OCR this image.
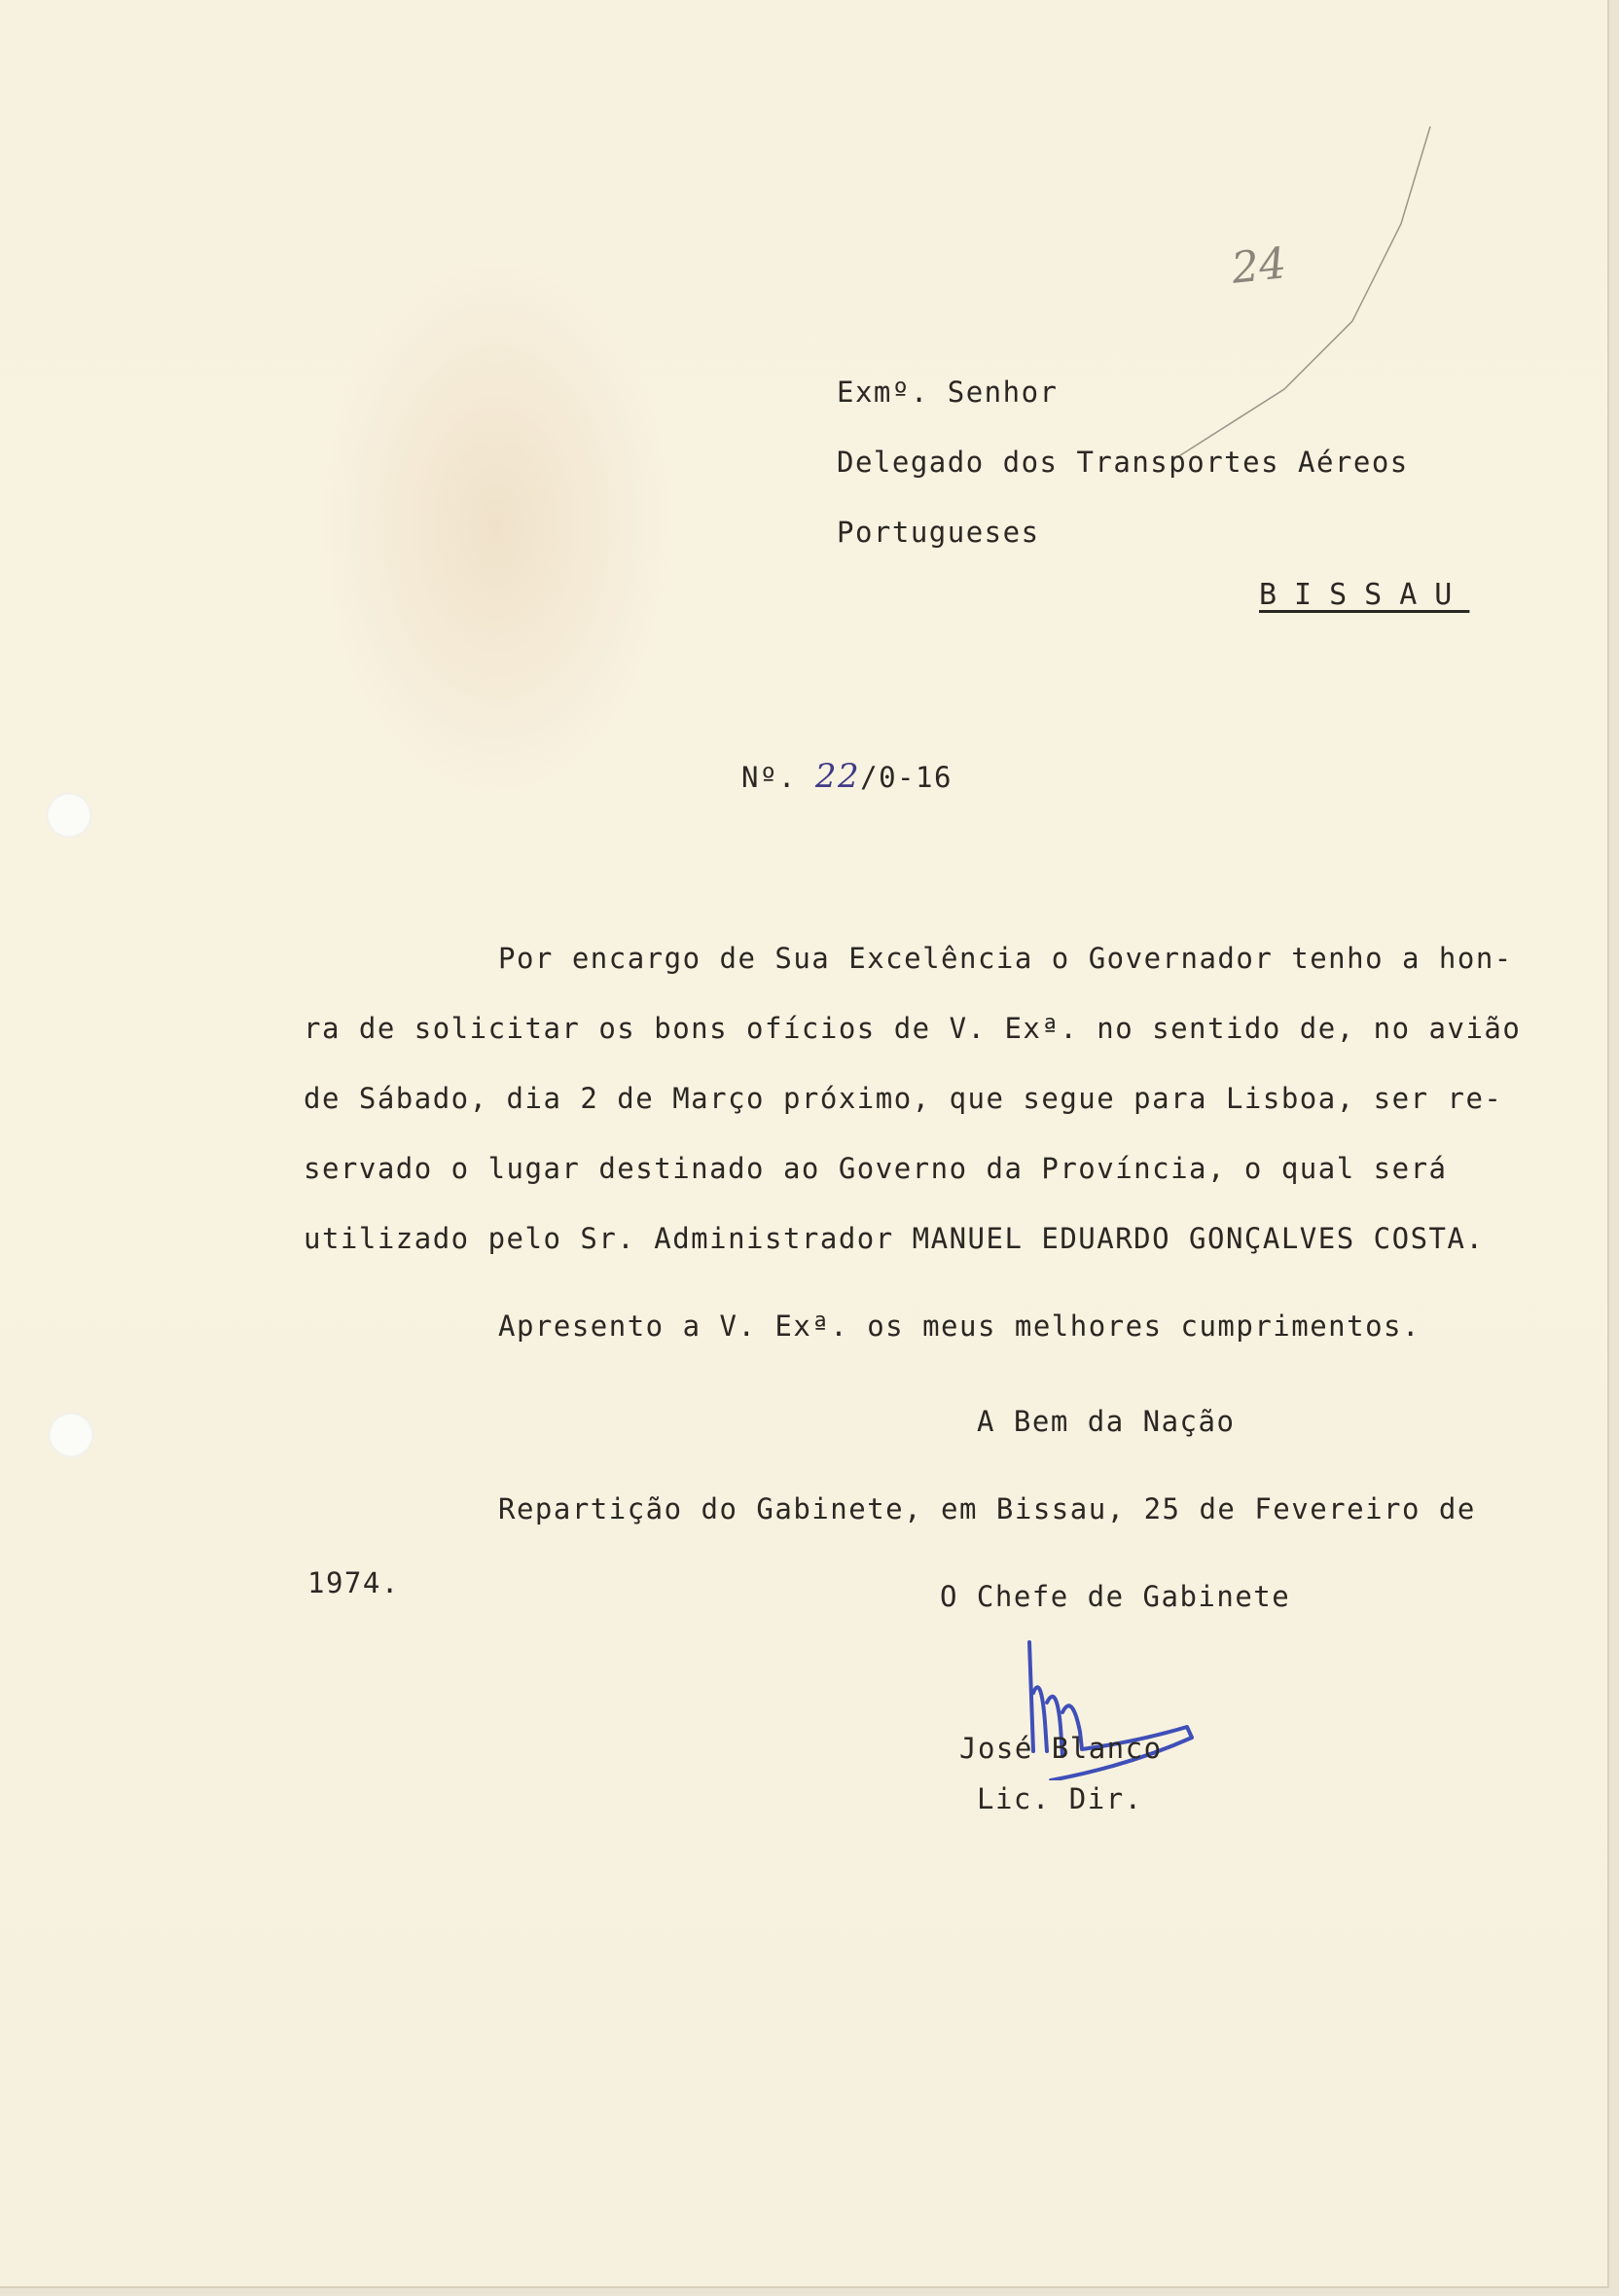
24
Exmº. Senhor
Delegado dos Transportes Aéreos
Portugueses
BISSAU
Nº. 22/0-16
Por encargo de Sua Excelência o Governador tenho a hon-
ra de solicitar os bons ofícios de V. Exª. no sentido de, no avião
de Sábado, dia 2 de Março próximo, que segue para Lisboa, ser re-
servado o lugar destinado ao Governo da Província, o qual será
utilizado pelo Sr. Administrador MANUEL EDUARDO GONÇALVES COSTA.
Apresento a V. Exª. os meus melhores cumprimentos.
A Bem da Nação
Repartição do Gabinete, em Bissau, 25 de Fevereiro de
1974.	O Chefe de Gabinete
José Blanco
Lic. Dir.
